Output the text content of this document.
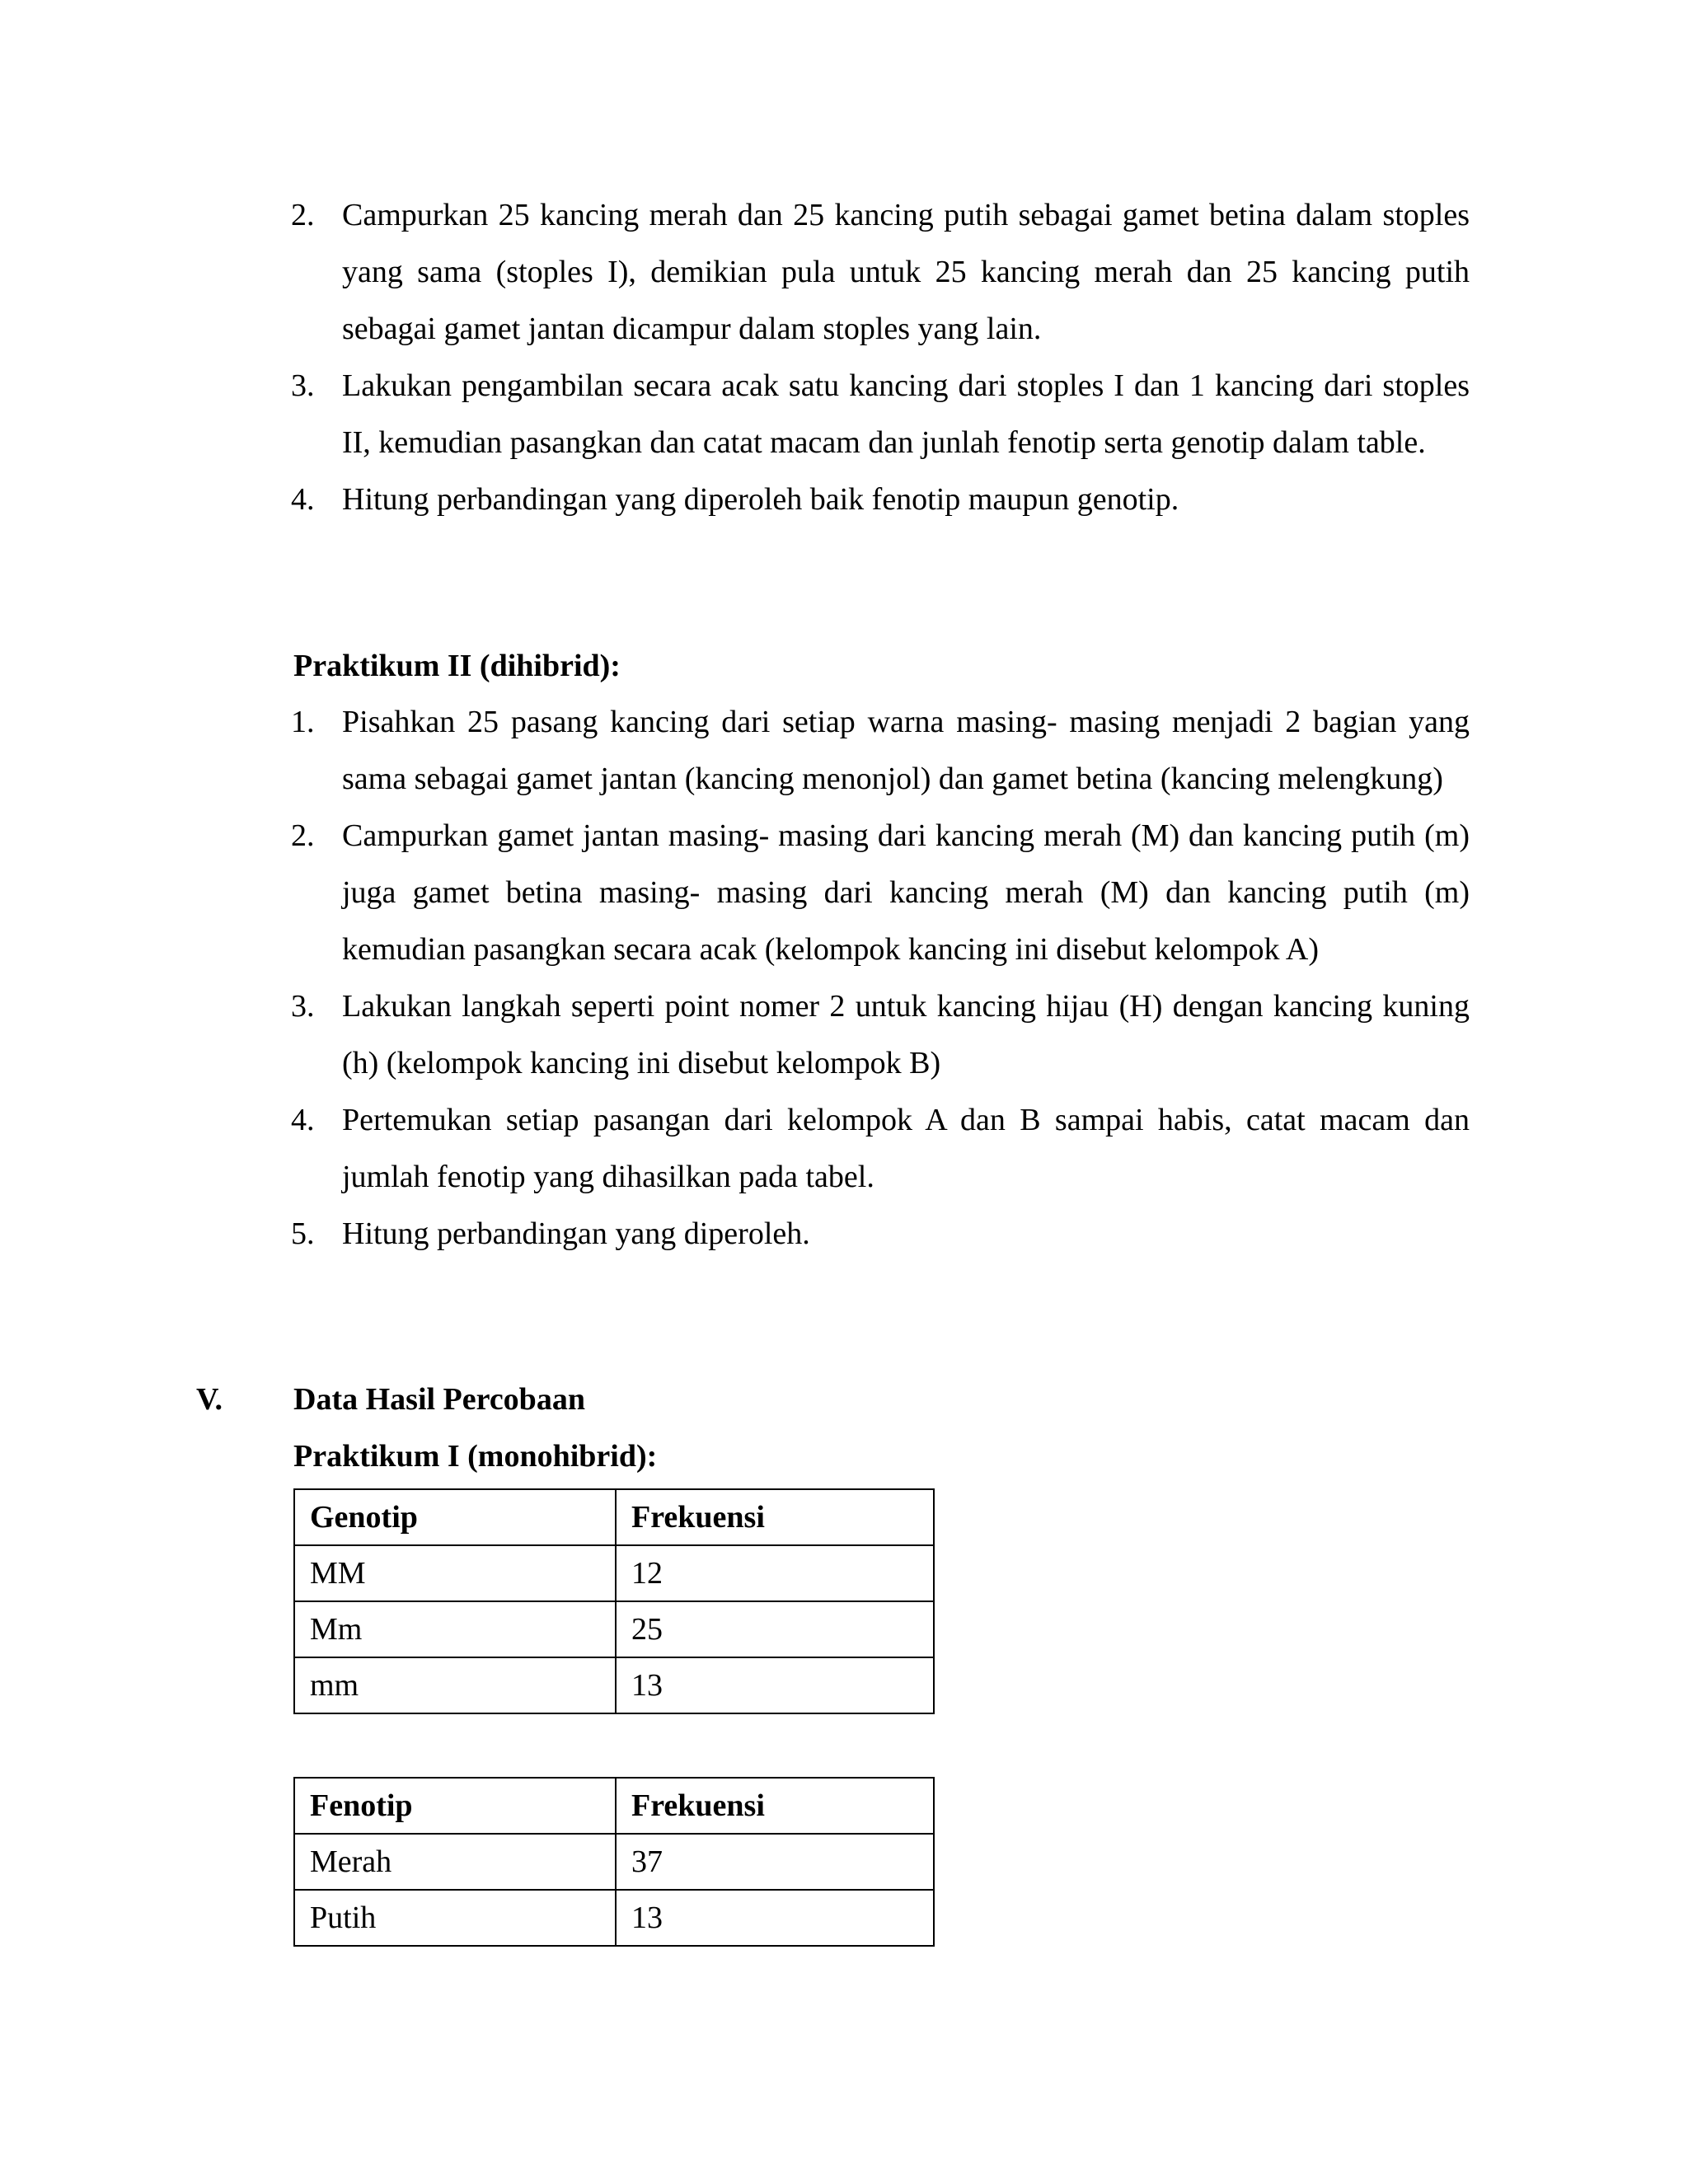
2. Campurkan 25 kancing merah dan 25 kancing putih sebagai gamet betina dalam stoples yang sama (stoples I), demikian pula untuk 25 kancing merah dan 25 kancing putih sebagai gamet jantan dicampur dalam stoples yang lain.
3. Lakukan pengambilan secara acak satu kancing dari stoples I dan 1 kancing dari stoples II, kemudian pasangkan dan catat macam dan junlah fenotip serta genotip dalam table.
4. Hitung perbandingan yang diperoleh baik fenotip maupun genotip.
Praktikum II (dihibrid):
1. Pisahkan 25 pasang kancing dari setiap warna masing- masing menjadi 2 bagian yang sama sebagai gamet jantan (kancing menonjol) dan gamet betina (kancing melengkung)
2. Campurkan gamet jantan masing- masing dari kancing merah (M) dan kancing putih (m) juga gamet betina masing- masing dari kancing merah (M) dan kancing putih (m) kemudian pasangkan secara acak (kelompok kancing ini disebut kelompok A)
3. Lakukan langkah seperti point nomer 2 untuk kancing hijau (H) dengan kancing kuning (h) (kelompok kancing ini disebut kelompok B)
4. Pertemukan setiap pasangan dari kelompok A dan B sampai habis, catat macam dan jumlah fenotip yang dihasilkan pada tabel.
5. Hitung perbandingan yang diperoleh.
V. Data Hasil Percobaan
Praktikum I (monohibrid):
Genotip	Frekuensi
MM	12
Mm	25
mm	13
Fenotip	Frekuensi
Merah	37
Putih	13
